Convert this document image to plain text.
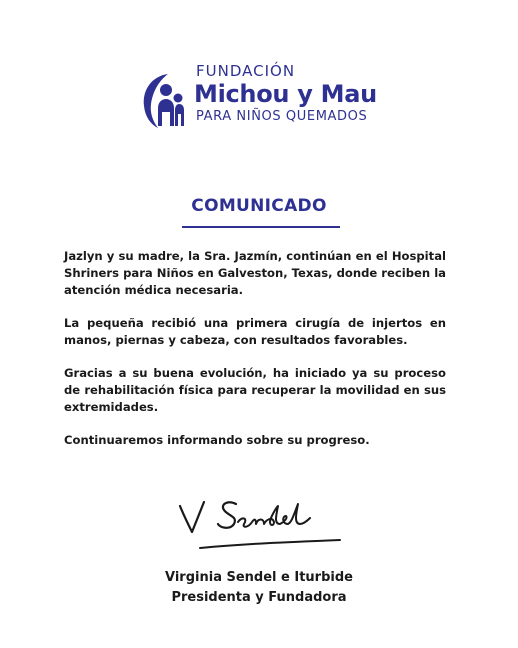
FUNDACIÓN
Michou y Mau
PARA NIÑOS QUEMADOS
COMUNICADO

Jazlyn y su madre, la Sra. Jazmín, continúan en el Hospital Shriners para Niños en Galveston, Texas, donde reciben la atención médica necesaria.

La pequeña recibió una primera cirugía de injertos en manos, piernas y cabeza, con resultados favorables.

Gracias a su buena evolución, ha iniciado ya su proceso de rehabilitación física para recuperar la movilidad en sus extremidades.

Continuaremos informando sobre su progreso.

Virginia Sendel e Iturbide
Presidenta y Fundadora
